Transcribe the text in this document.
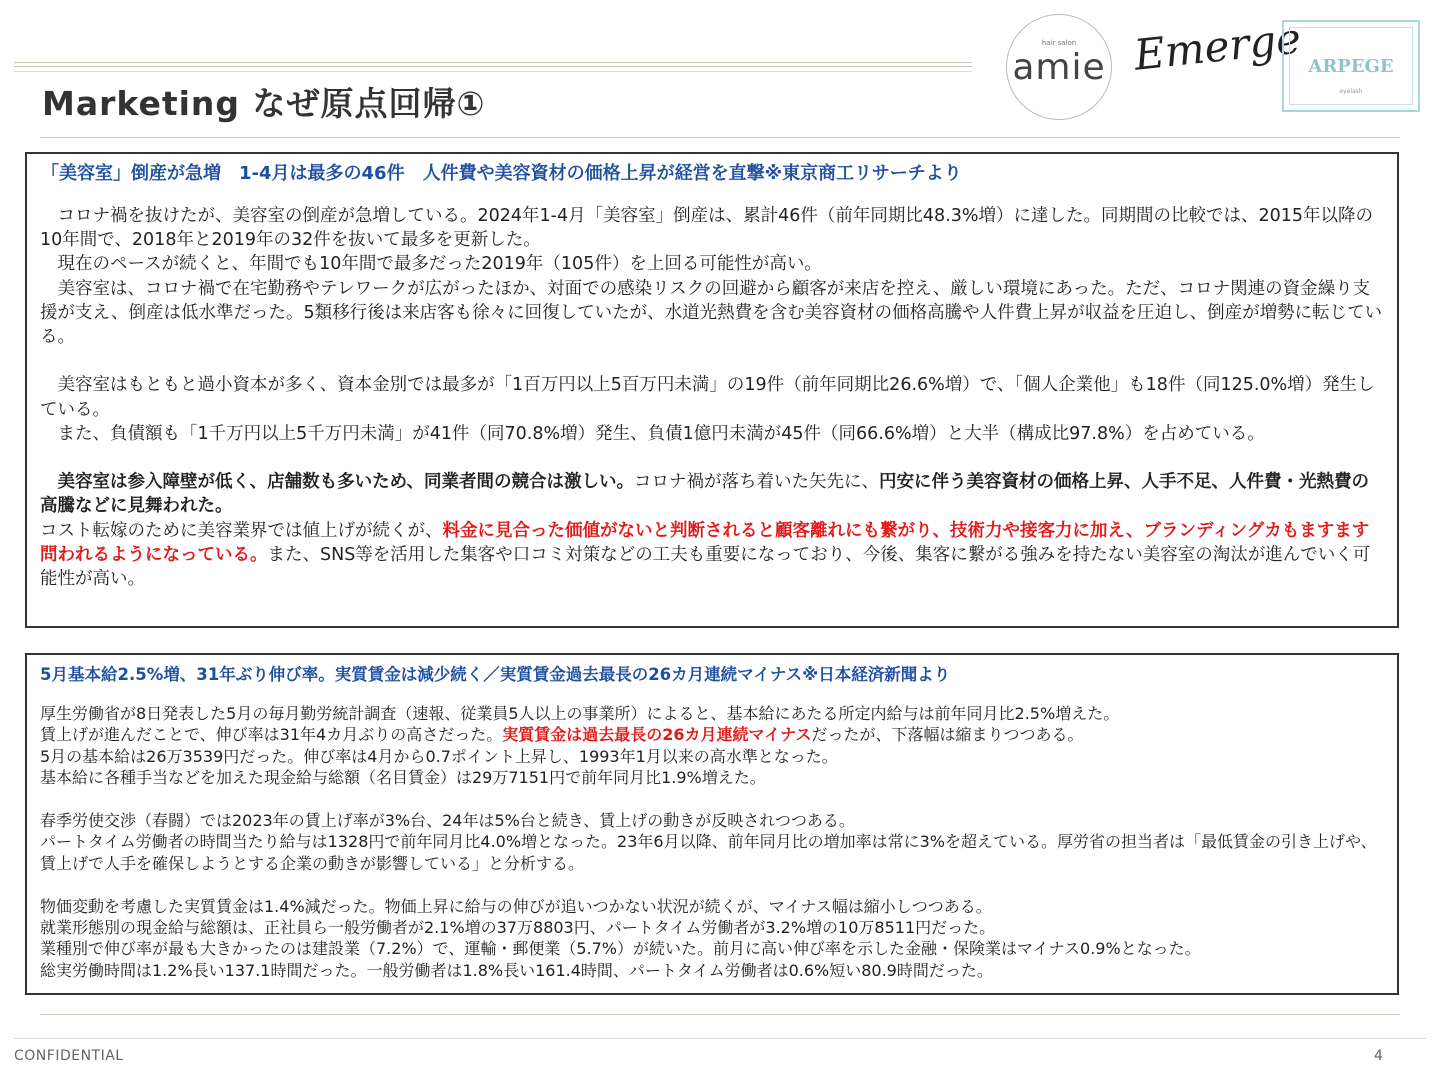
Marketing なぜ原点回帰①
hair salon
amie Emerge ARPEGE
eyelash
「美容室」倒産が急増　1-4月は最多の46件　人件費や美容資材の価格上昇が経営を直撃※東京商工リサーチより

　コロナ禍を抜けたが、美容室の倒産が急増している。2024年1-4月「美容室」倒産は、累計46件（前年同期比48.3%増）に達した。同期間の比較では、2015年以降の10年間で、2018年と2019年の32件を抜いて最多を更新した。

　現在のペースが続くと、年間でも10年間で最多だった2019年（105件）を上回る可能性が高い。

　美容室は、コロナ禍で在宅勤務やテレワークが広がったほか、対面での感染リスクの回避から顧客が来店を控え、厳しい環境にあった。ただ、コロナ関連の資金繰り支援が支え、倒産は低水準だった。5類移行後は来店客も徐々に回復していたが、水道光熱費を含む美容資材の価格高騰や人件費上昇が収益を圧迫し、倒産が増勢に転じている。

　美容室はもともと過小資本が多く、資本金別では最多が「1百万円以上5百万円未満」の19件（前年同期比26.6%増）で、「個人企業他」も18件（同125.0%増）発生している。

　また、負債額も「1千万円以上5千万円未満」が41件（同70.8%増）発生、負債1億円未満が45件（同66.6%増）と大半（構成比97.8%）を占めている。

　美容室は参入障壁が低く、店舗数も多いため、同業者間の競合は激しい。コロナ禍が落ち着いた矢先に、円安に伴う美容資材の価格上昇、人手不足、人件費・光熱費の高騰などに見舞われた。

コスト転嫁のために美容業界では値上げが続くが、料金に見合った価値がないと判断されると顧客離れにも繋がり、技術力や接客力に加え、ブランディングカもますます問われるようになっている。また、SNS等を活用した集客や口コミ対策などの工夫も重要になっており、今後、集客に繋がる強みを持たない美容室の淘汰が進んでいく可能性が高い。

5月基本給2.5%増、31年ぶり伸び率。実質賃金は減少続く／実質賃金過去最長の26カ月連続マイナス※日本経済新聞より

厚生労働省が8日発表した5月の毎月勤労統計調査（速報、従業員5人以上の事業所）によると、基本給にあたる所定内給与は前年同月比2.5%増えた。

賃上げが進んだことで、伸び率は31年4カ月ぶりの高さだった。実質賃金は過去最長の26カ月連続マイナスだったが、下落幅は縮まりつつある。

5月の基本給は26万3539円だった。伸び率は4月から0.7ポイント上昇し、1993年1月以来の高水準となった。

基本給に各種手当などを加えた現金給与総額（名目賃金）は29万7151円で前年同月比1.9%増えた。

春季労使交渉（春闘）では2023年の賃上げ率が3%台、24年は5%台と続き、賃上げの動きが反映されつつある。

パートタイム労働者の時間当たり給与は1328円で前年同月比4.0%増となった。23年6月以降、前年同月比の増加率は常に3%を超えている。厚労省の担当者は「最低賃金の引き上げや、賃上げで人手を確保しようとする企業の動きが影響している」と分析する。

物価変動を考慮した実質賃金は1.4%減だった。物価上昇に給与の伸びが追いつかない状況が続くが、マイナス幅は縮小しつつある。

就業形態別の現金給与総額は、正社員ら一般労働者が2.1%増の37万8803円、パートタイム労働者が3.2%増の10万8511円だった。

業種別で伸び率が最も大きかったのは建設業（7.2%）で、運輸・郵便業（5.7%）が続いた。前月に高い伸び率を示した金融・保険業はマイナス0.9%となった。

総実労働時間は1.2%長い137.1時間だった。一般労働者は1.8%長い161.4時間、パートタイム労働者は0.6%短い80.9時間だった。

CONFIDENTIAL	4
